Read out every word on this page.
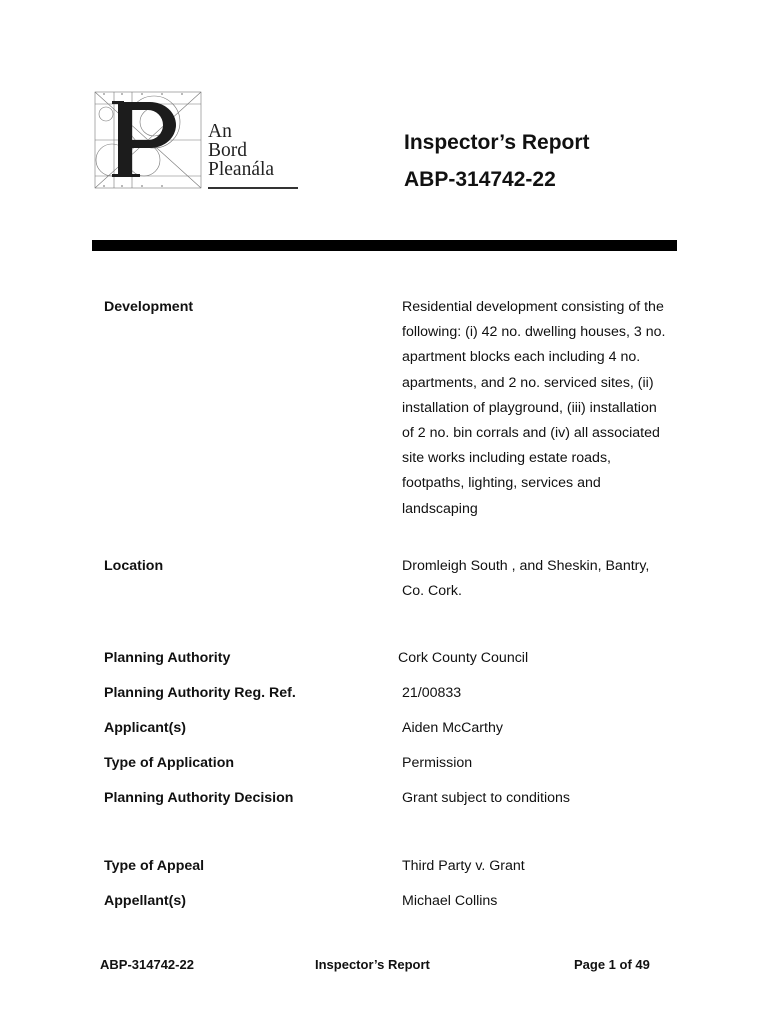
An
Bord
Pleanála
Inspector’s Report
ABP-314742-22
Development	Residential development consisting of the following: (i) 42 no. dwelling houses, 3 no. apartment blocks each including 4 no. apartments, and 2 no. serviced sites, (ii) installation of playground, (iii) installation of 2 no. bin corrals and (iv) all associated site works including estate roads, footpaths, lighting, services and landscaping
Location	Dromleigh South , and Sheskin, Bantry, Co. Cork.
Planning Authority	Cork County Council
Planning Authority Reg. Ref.	21/00833
Applicant(s)	Aiden McCarthy
Type of Application	Permission
Planning Authority Decision	Grant subject to conditions
Type of Appeal	Third Party v. Grant
Appellant(s)	Michael Collins
ABP-314742-22	Inspector’s Report	Page 1 of 49
